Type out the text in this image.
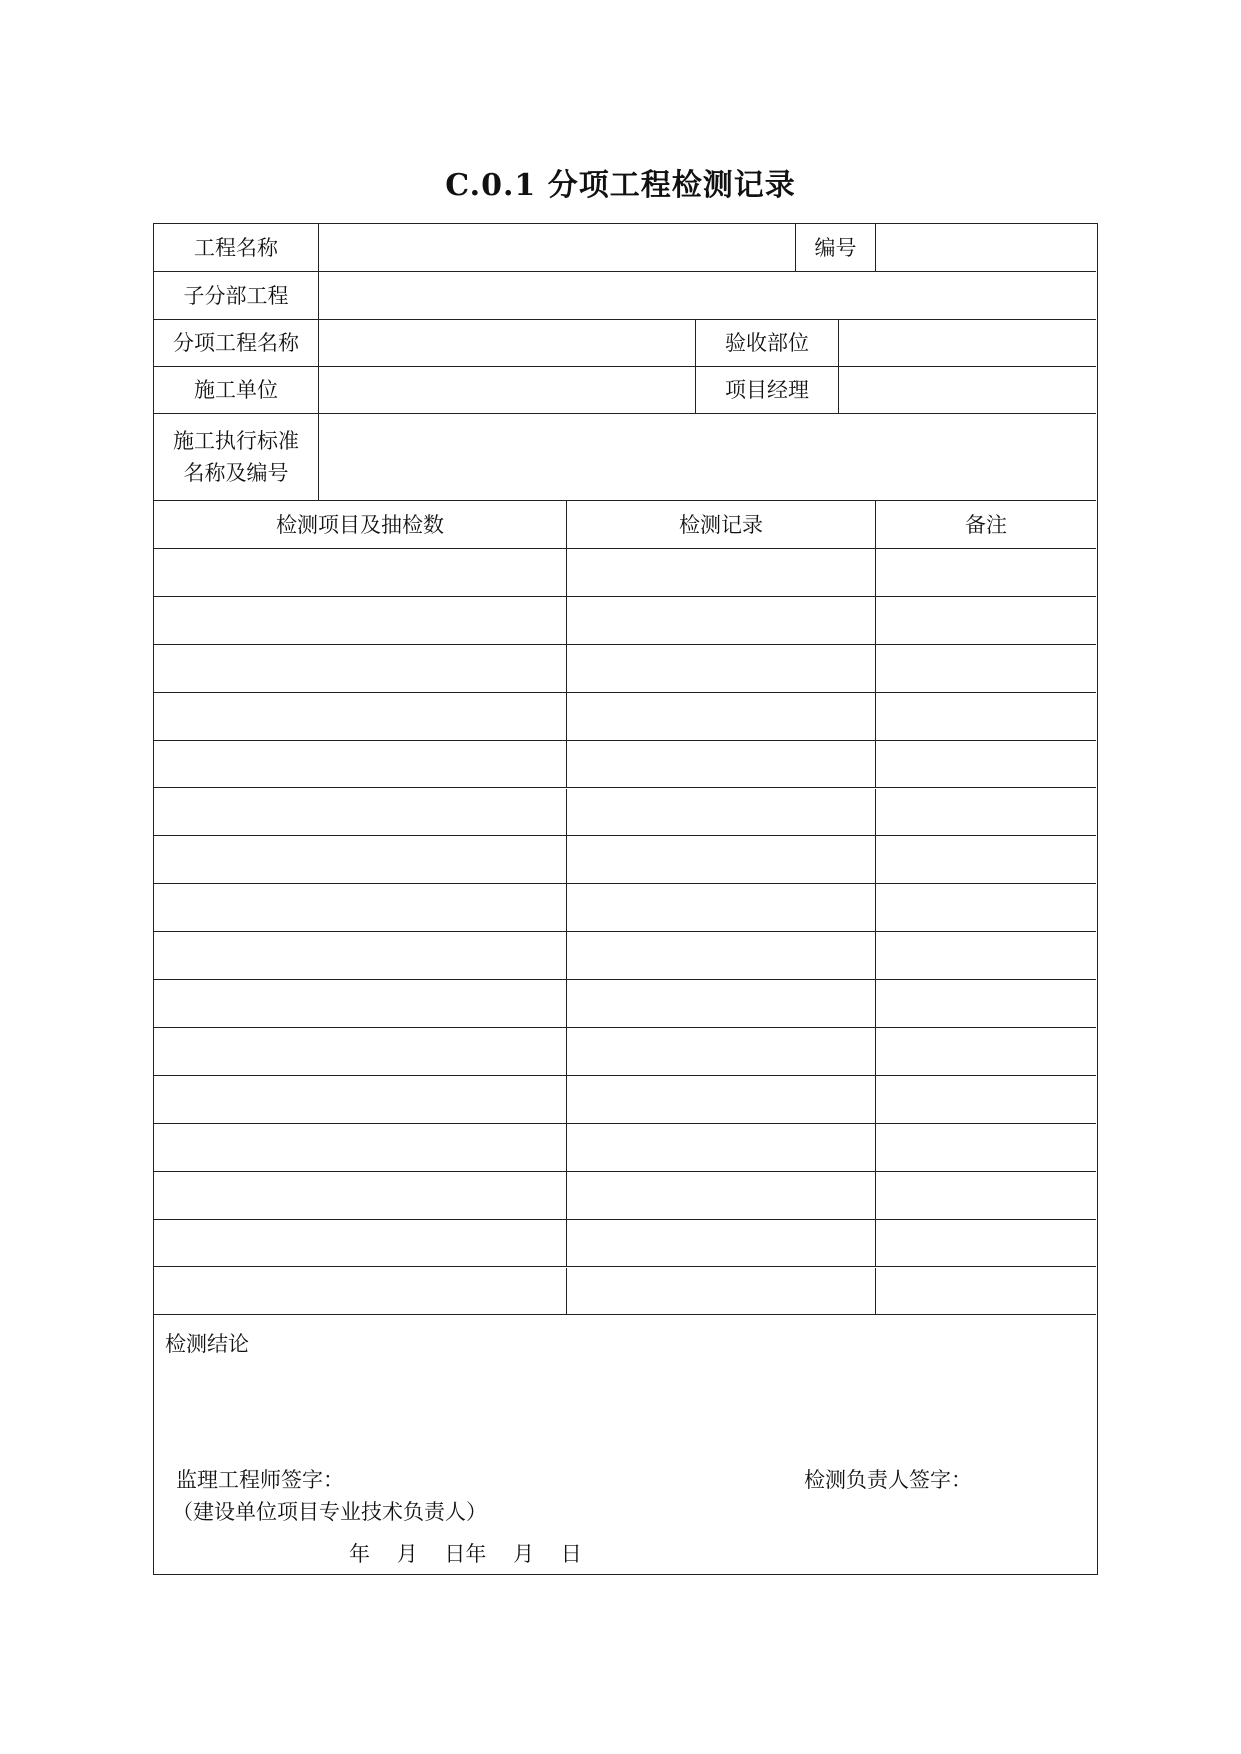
C.0.1 分项工程检测记录
工程名称	编号
子分部工程
分项工程名称	验收部位
施工单位	项目经理
施工执行标准
名称及编号
检测项目及抽检数	检测记录	备注
检测结论
监理工程师签字：	检测负责人签字：
（建设单位项目专业技术负责人）
年    月    日年    月    日
